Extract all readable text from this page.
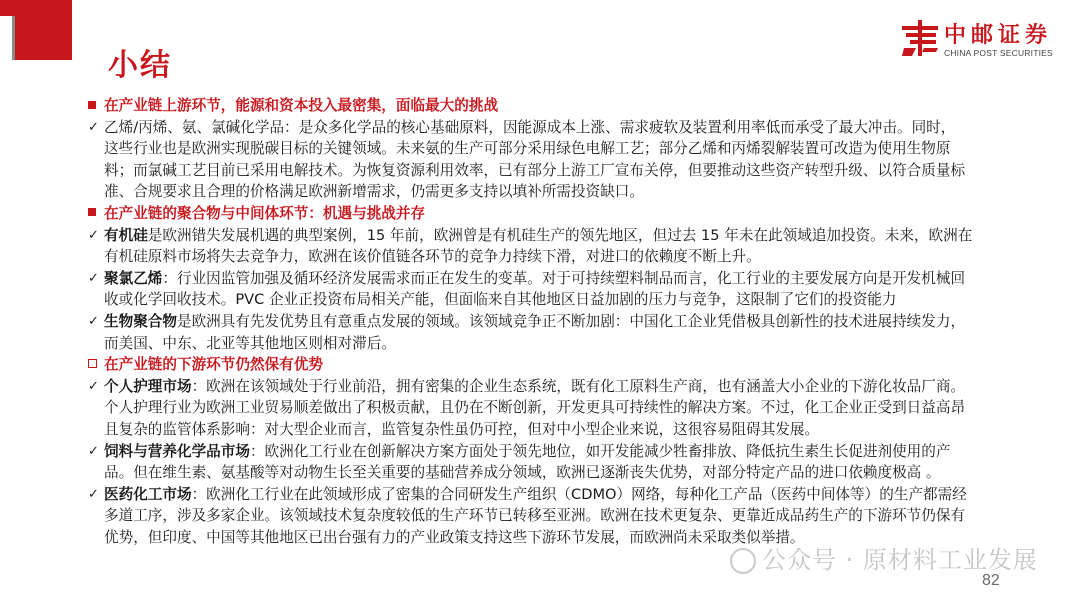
小结
中邮证券
CHINA POST SECURITIES
在产业链上游环节，能源和资本投入最密集，面临最大的挑战
✓ 乙烯/丙烯、氨、氯碱化学品：是众多化学品的核心基础原料，因能源成本上涨、需求疲软及装置利用率低而承受了最大冲击。同时，
这些行业也是欧洲实现脱碳目标的关键领域。未来氨的生产可部分采用绿色电解工艺；部分乙烯和丙烯裂解装置可改造为使用生物原
料；而氯碱工艺目前已采用电解技术。为恢复资源利用效率，已有部分上游工厂宣布关停，但要推动这些资产转型升级、以符合质量标
准、合规要求且合理的价格满足欧洲新增需求，仍需更多支持以填补所需投资缺口。
在产业链的聚合物与中间体环节：机遇与挑战并存
✓ 有机硅是欧洲错失发展机遇的典型案例，15 年前，欧洲曾是有机硅生产的领先地区，但过去 15 年未在此领域追加投资。未来，欧洲在
有机硅原料市场将失去竞争力，欧洲在该价值链各环节的竞争力持续下滑，对进口的依赖度不断上升。
✓ 聚氯乙烯：行业因监管加强及循环经济发展需求而正在发生的变革。对于可持续塑料制品而言，化工行业的主要发展方向是开发机械回
收或化学回收技术。PVC 企业正投资布局相关产能，但面临来自其他地区日益加剧的压力与竞争，这限制了它们的投资能力
✓ 生物聚合物是欧洲具有先发优势且有意重点发展的领域。该领域竞争正不断加剧：中国化工企业凭借极具创新性的技术进展持续发力，
而美国、中东、北亚等其他地区则相对滞后。
在产业链的下游环节仍然保有优势
✓ 个人护理市场：欧洲在该领域处于行业前沿，拥有密集的企业生态系统，既有化工原料生产商，也有涵盖大小企业的下游化妆品厂商。
个人护理行业为欧洲工业贸易顺差做出了积极贡献，且仍在不断创新，开发更具可持续性的解决方案。不过，化工企业正受到日益高昂
且复杂的监管体系影响：对大型企业而言，监管复杂性虽仍可控，但对中小型企业来说，这很容易阻碍其发展。
✓ 饲料与营养化学品市场：欧洲化工行业在创新解决方案方面处于领先地位，如开发能减少牲畜排放、降低抗生素生长促进剂使用的产
品。但在维生素、氨基酸等对动物生长至关重要的基础营养成分领域，欧洲已逐渐丧失优势，对部分特定产品的进口依赖度极高 。
✓ 医药化工市场：欧洲化工行业在此领域形成了密集的合同研发生产组织（CDMO）网络，每种化工产品（医药中间体等）的生产都需经
多道工序，涉及多家企业。该领域技术复杂度较低的生产环节已转移至亚洲。欧洲在技术更复杂、更靠近成品药生产的下游环节仍保有
优势，但印度、中国等其他地区已出台强有力的产业政策支持这些下游环节发展，而欧洲尚未采取类似举措。
公众号 · 原材料工业发展
82
